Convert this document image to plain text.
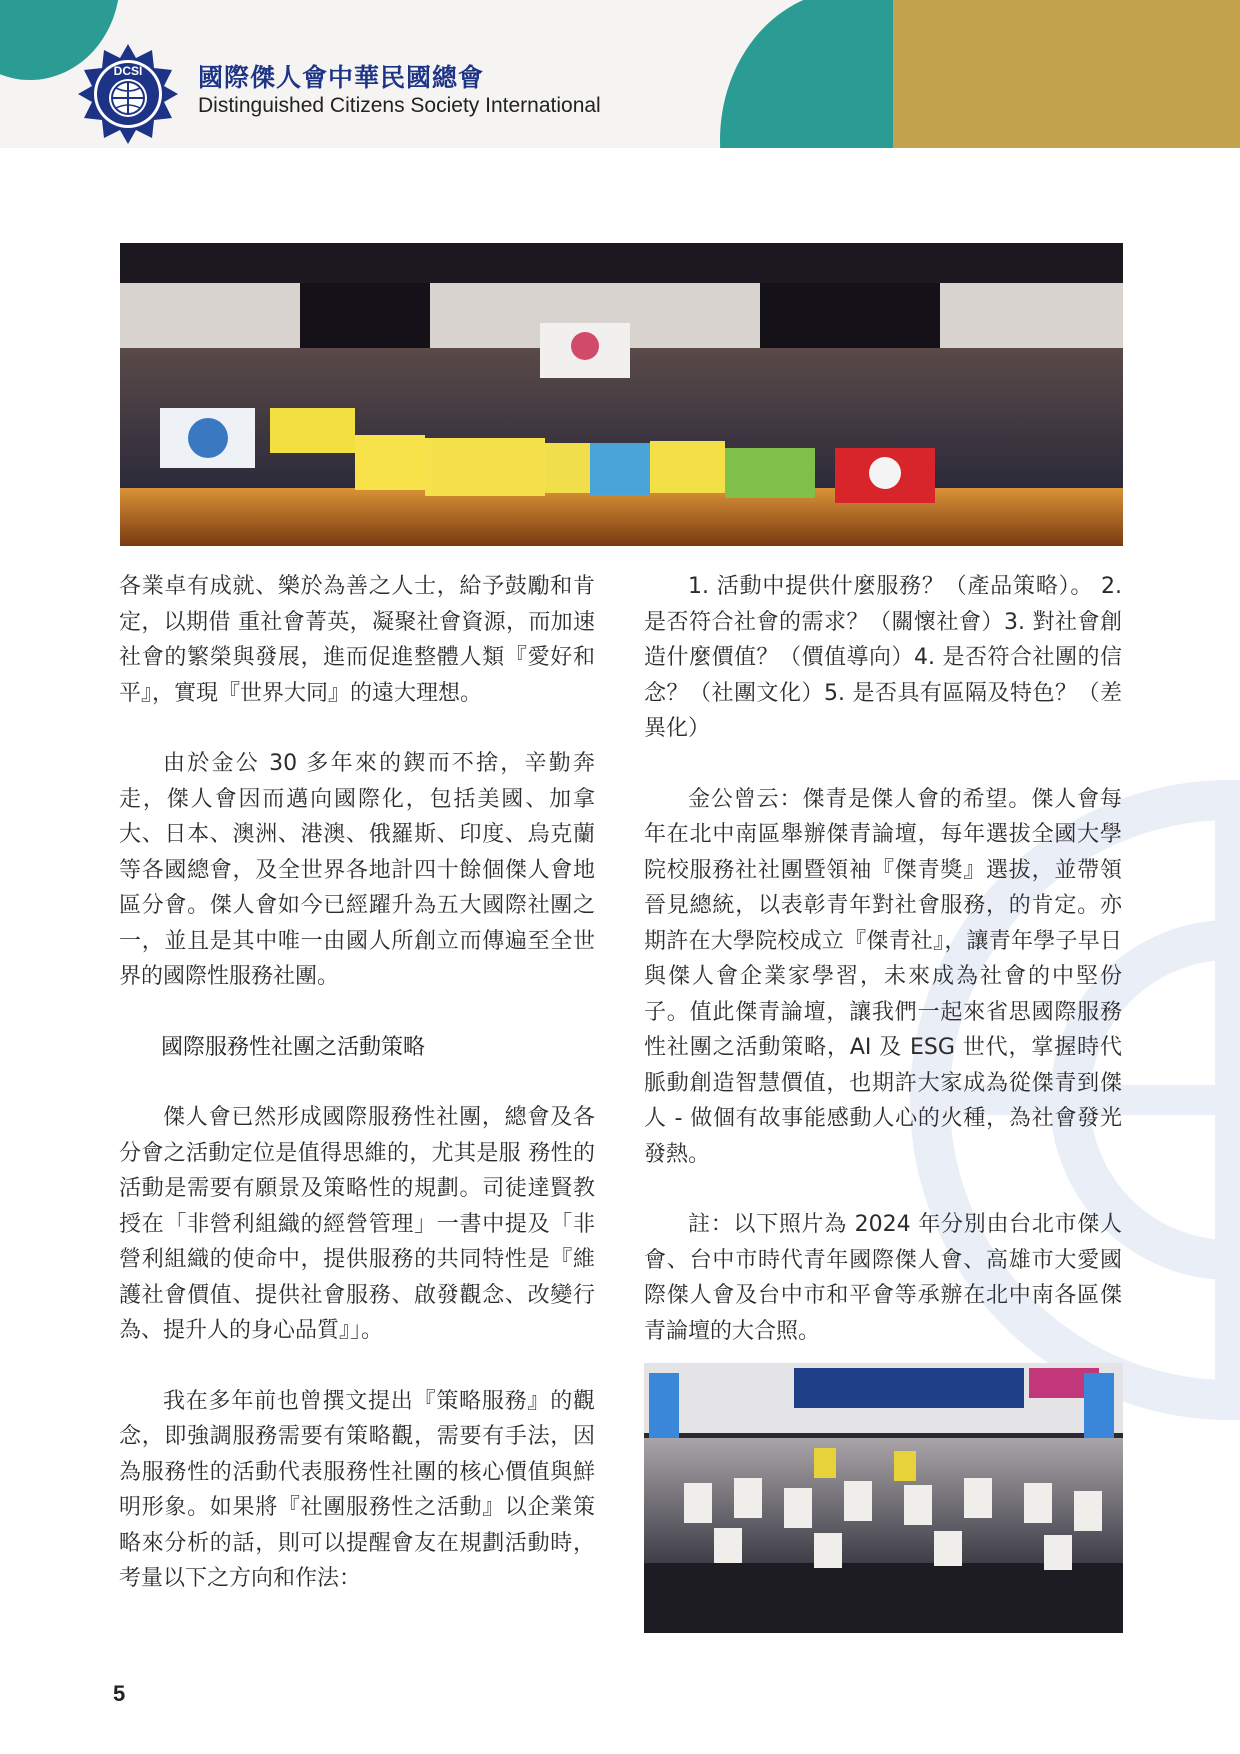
DCSI 國際傑人會中華民國總會
Distinguished Citizens Society International

各業卓有成就、樂於為善之人士，給予鼓勵和肯定，以期借 重社會菁英，凝聚社會資源，而加速社會的繁榮與發展，進而促進整體人類『愛好和平』，實現『世界大同』的遠大理想。

由於金公 30 多年來的鍥而不捨，辛勤奔走，傑人會因而邁向國際化，包括美國、加拿大、日本、澳洲、港澳、俄羅斯、印度、烏克蘭等各國總會，及全世界各地計四十餘個傑人會地區分會。傑人會如今已經躍升為五大國際社團之一，並且是其中唯一由國人所創立而傳遍至全世界的國際性服務社團。

國際服務性社團之活動策略

傑人會已然形成國際服務性社團，總會及各分會之活動定位是值得思維的，尤其是服 務性的活動是需要有願景及策略性的規劃。司徒達賢教授在「非營利組織的經營管理」一書中提及「非營利組織的使命中，提供服務的共同特性是『維護社會價值、提供社會服務、啟發觀念、改變行為、提升人的身心品質』」。

我在多年前也曾撰文提出『策略服務』的觀念，即強調服務需要有策略觀，需要有手法，因為服務性的活動代表服務性社團的核心價值與鮮明形象。如果將『社團服務性之活動』以企業策略來分析的話，則可以提醒會友在規劃活動時，考量以下之方向和作法：

1. 活動中提供什麼服務？（產品策略）。 2. 是否符合社會的需求？（關懷社會）3. 對社會創造什麼價值？（價值導向）4. 是否符合社團的信念？（社團文化）5. 是否具有區隔及特色？（差異化）

金公曾云：傑青是傑人會的希望。傑人會每年在北中南區舉辦傑青論壇，每年選拔全國大學院校服務社社團暨領袖『傑青獎』選拔，並帶領晉見總統，以表彰青年對社會服務，的肯定。亦期許在大學院校成立『傑青社』，讓青年學子早日與傑人會企業家學習，未來成為社會的中堅份子。值此傑青論壇，讓我們一起來省思國際服務性社團之活動策略，AI 及 ESG 世代，掌握時代脈動創造智慧價值，也期許大家成為從傑青到傑人 - 做個有故事能感動人心的火種，為社會發光發熱。

註：以下照片為 2024 年分別由台北市傑人會、台中市時代青年國際傑人會、高雄市大愛國際傑人會及台中市和平會等承辦在北中南各區傑青論壇的大合照。

5
